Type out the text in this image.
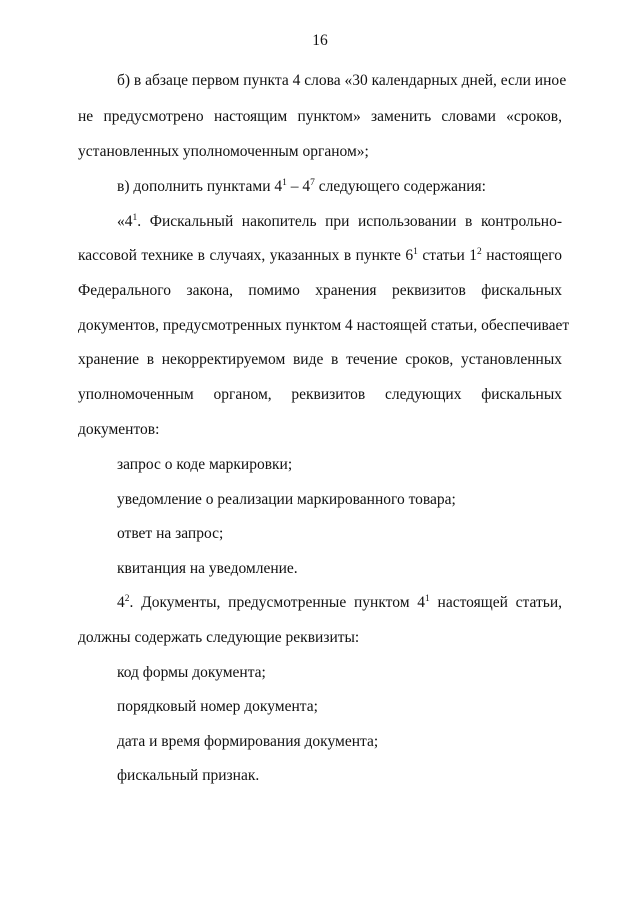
16
б) в абзаце первом пункта 4 слова «30 календарных дней, если иное
не предусмотрено настоящим пунктом» заменить словами «сроков,
установленных уполномоченным органом»;
в) дополнить пунктами $4^1 - 4^7$ следующего содержания:
«$4^1$. Фискальный накопитель при использовании в контрольно-
кассовой технике в случаях, указанных в пункте $6^1$ статьи $1^2$ настоящего
Федерального закона, помимо хранения реквизитов фискальных
документов, предусмотренных пунктом 4 настоящей статьи, обеспечивает
хранение в некорректируемом виде в течение сроков, установленных
уполномоченным органом, реквизитов следующих фискальных
документов:
запрос о коде маркировки;
уведомление о реализации маркированного товара;
ответ на запрос;
квитанция на уведомление.
$4^2$. Документы, предусмотренные пунктом $4^1$ настоящей статьи,
должны содержать следующие реквизиты:
код формы документа;
порядковый номер документа;
дата и время формирования документа;
фискальный признак.
